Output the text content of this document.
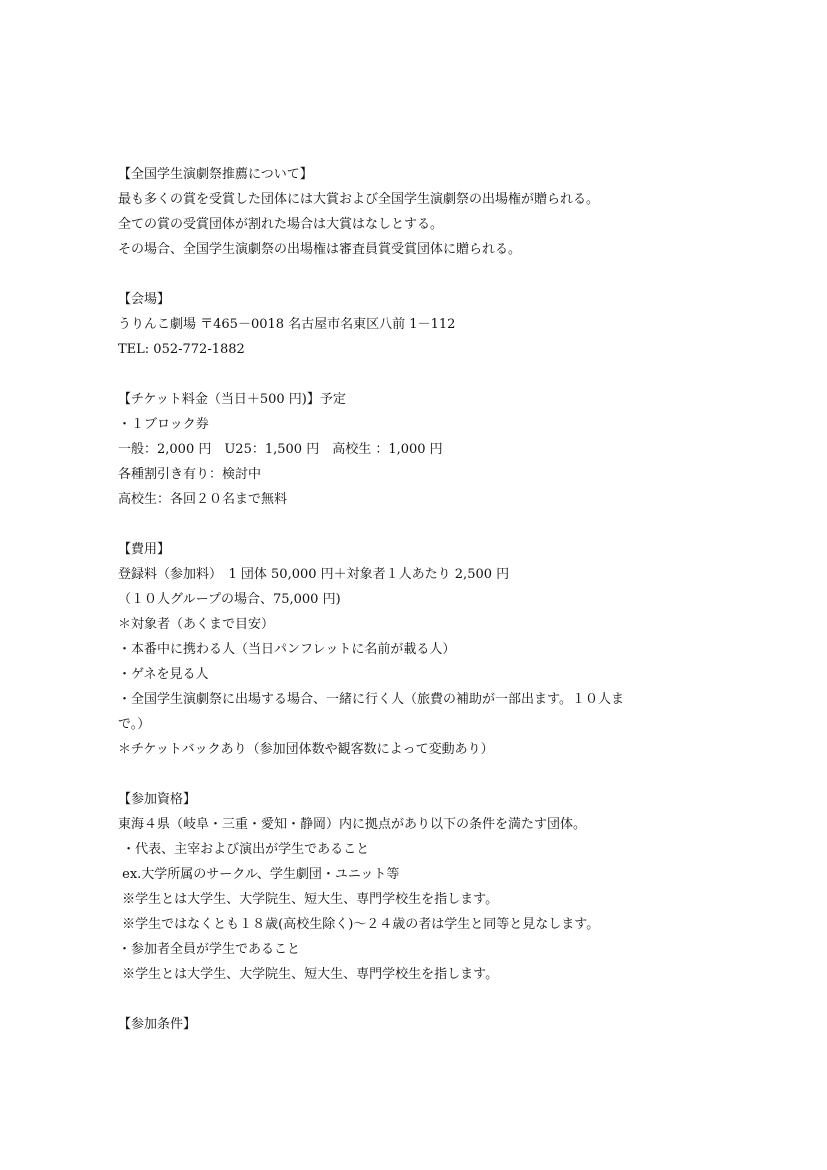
【全国学生演劇祭推薦について】
最も多くの賞を受賞した団体には大賞および全国学生演劇祭の出場権が贈られる。
全ての賞の受賞団体が割れた場合は大賞はなしとする。
その場合、全国学生演劇祭の出場権は審査員賞受賞団体に贈られる。
【会場】
うりんこ劇場 〒465－0018 名古屋市名東区八前 1－112
TEL: 052-772-1882
【チケット料金（当日＋500 円)】予定
・１ブロック券
一般：2,000 円　U25：1,500 円　高校生 ：1,000 円
各種割引き有り：検討中
高校生：各回２０名まで無料
【費用】
登録料（参加料）　1 団体 50,000 円＋対象者１人あたり 2,500 円
（１０人グループの場合、75,000 円)
＊対象者（あくまで目安）
・本番中に携わる人（当日パンフレットに名前が載る人）
・ゲネを見る人
・全国学生演劇祭に出場する場合、一緒に行く人（旅費の補助が一部出ます。１０人ま
で。）
＊チケットバックあり（参加団体数や観客数によって変動あり）
【参加資格】
東海４県（岐阜・三重・愛知・静岡）内に拠点があり以下の条件を満たす団体。
・代表、主宰および演出が学生であること
ex.大学所属のサークル、学生劇団・ユニット等
※学生とは大学生、大学院生、短大生、専門学校生を指します。
※学生ではなくとも１８歳(高校生除く)～２４歳の者は学生と同等と見なします。
・参加者全員が学生であること
※学生とは大学生、大学院生、短大生、専門学校生を指します。
【参加条件】
